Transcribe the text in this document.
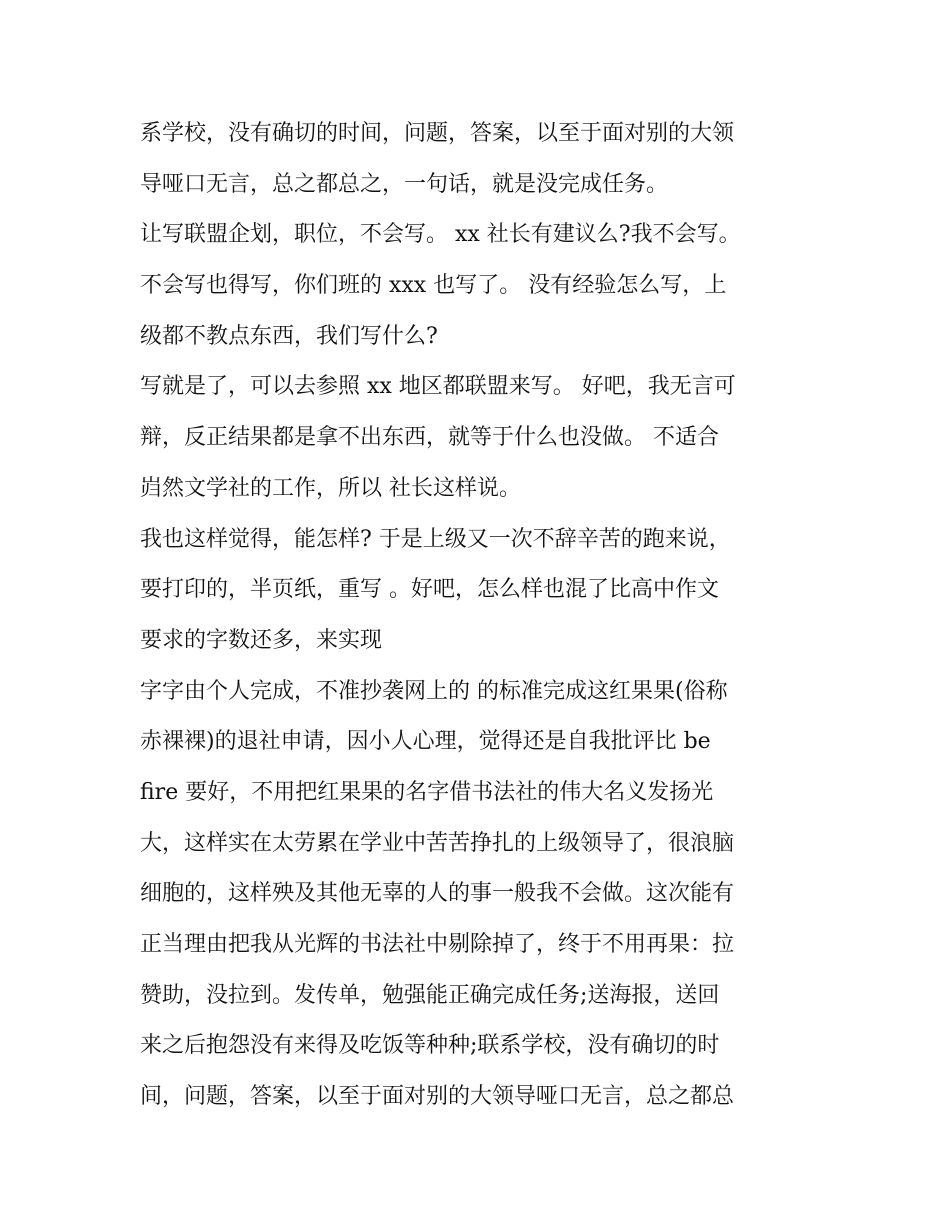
系学校，没有确切的时间，问题，答案，以至于面对别的大领
导哑口无言，总之都总之，一句话，就是没完成任务。
让写联盟企划，职位，不会写。 xx 社长有建议么?我不会写。
不会写也得写，你们班的 xxx 也写了。 没有经验怎么写，上
级都不教点东西，我们写什么?
写就是了，可以去参照 xx 地区都联盟来写。 好吧，我无言可
辩，反正结果都是拿不出东西，就等于什么也没做。 不适合
岿然文学社的工作，所以 社长这样说。
我也这样觉得，能怎样? 于是上级又一次不辞辛苦的跑来说，
要打印的，半页纸，重写 。好吧，怎么样也混了比高中作文
要求的字数还多，来实现
字字由个人完成，不准抄袭网上的 的标准完成这红果果(俗称
赤裸裸)的退社申请，因小人心理，觉得还是自我批评比 be
fire 要好，不用把红果果的名字借书法社的伟大名义发扬光
大，这样实在太劳累在学业中苦苦挣扎的上级领导了，很浪脑
细胞的，这样殃及其他无辜的人的事一般我不会做。这次能有
正当理由把我从光辉的书法社中剔除掉了，终于不用再果：拉
赞助，没拉到。发传单，勉强能正确完成任务;送海报，送回
来之后抱怨没有来得及吃饭等种种;联系学校，没有确切的时
间，问题，答案，以至于面对别的大领导哑口无言，总之都总
